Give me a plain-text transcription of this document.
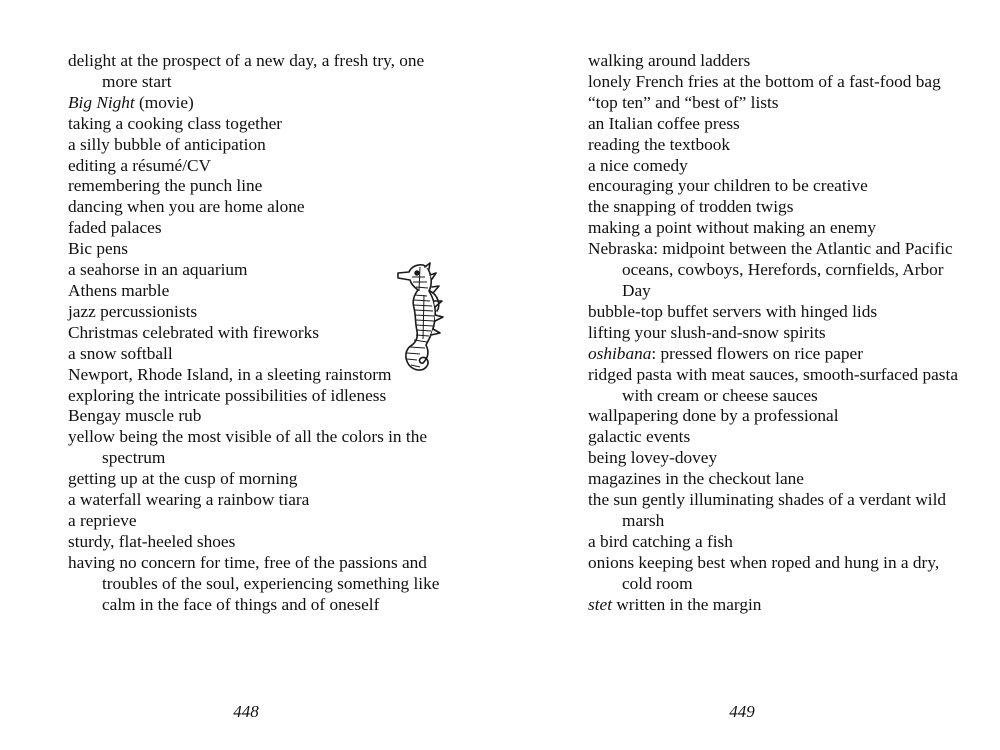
delight at the prospect of a new day, a fresh try, one more start
Big Night (movie)
taking a cooking class together
a silly bubble of anticipation
editing a résumé/CV
remembering the punch line
dancing when you are home alone
faded palaces
Bic pens
a seahorse in an aquarium
Athens marble
jazz percussionists
Christmas celebrated with fireworks
a snow softball
Newport, Rhode Island, in a sleeting rainstorm
exploring the intricate possibilities of idleness
Bengay muscle rub
yellow being the most visible of all the colors in the spectrum
getting up at the cusp of morning
a waterfall wearing a rainbow tiara
a reprieve
sturdy, flat-heeled shoes
having no concern for time, free of the passions and troubles of the soul, experiencing something like calm in the face of things and of oneself
448
walking around ladders
lonely French fries at the bottom of a fast-food bag
“top ten” and “best of” lists
an Italian coffee press
reading the textbook
a nice comedy
encouraging your children to be creative
the snapping of trodden twigs
making a point without making an enemy
Nebraska: midpoint between the Atlantic and Pacific oceans, cowboys, Herefords, cornfields, Arbor Day
bubble-top buffet servers with hinged lids
lifting your slush-and-snow spirits
oshibana: pressed flowers on rice paper
ridged pasta with meat sauces, smooth-surfaced pasta with cream or cheese sauces
wallpapering done by a professional
galactic events
being lovey-dovey
magazines in the checkout lane
the sun gently illuminating shades of a verdant wild marsh
a bird catching a fish
onions keeping best when roped and hung in a dry, cold room
stet written in the margin
449
